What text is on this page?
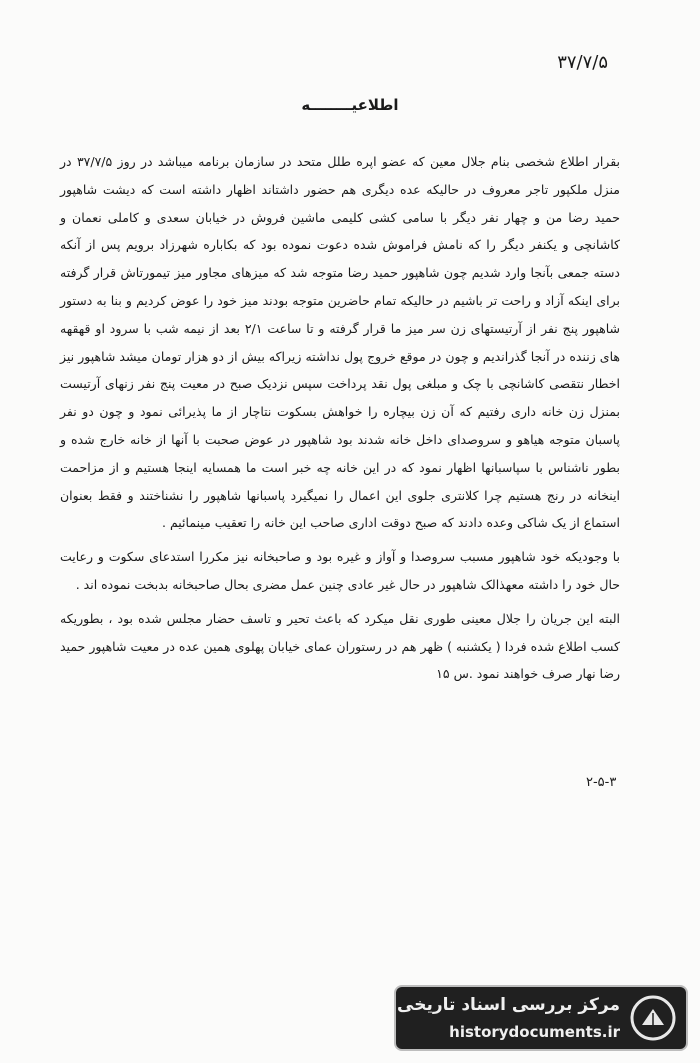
۳۷/۷/۵
اطلاعیــــــــه

بقرار اطلاع شخصی بنام جلال معین که عضو اپره طلل متحد در سازمان برنامه میباشد در روز ۳۷/۷/۵ در منزل ملکپور تاجر معروف در حالیکه عده دیگری هم حضور داشتاند اظهار داشته است که دیشت شاهپور حمید رضا من و چهار نفر دیگر با سامی کشی کلیمی ماشین فروش در خیابان سعدی و کاملی نعمان و کاشانچی و یکنفر دیگر را که نامش فراموش شده دعوت نموده بود که بکاباره شهرزاد برویم پس از آنکه دسته جمعی بآنجا وارد شدیم چون شاهپور حمید رضا متوجه شد که میزهای مجاور میز تیمورتاش قرار گرفته برای اینکه آزاد و راحت تر باشیم در حالیکه تمام حاضرین متوجه بودند میز خود را عوض کردیم و بنا به دستور شاهپور پنج نفر از آرتیستهای زن سر میز ما قرار گرفته و تا ساعت ۲/۱ بعد از نیمه شب با سرود او قهقهه های زننده در آنجا گذراندیم و چون در موقع خروج پول نداشته زیراکه بیش از دو هزار تومان میشد شاهپور نیز اخطار نتقصی کاشانچی با چک و مبلغی پول نقد پرداخت سپس نزدیک صبح در معیت پنج نفر زنهای آرتیست بمنزل زن خانه داری رفتیم که آن زن بیچاره را خواهش بسکوت نتاچار از ما پذیرائی نمود و چون دو نفر پاسبان متوجه هیاهو و سروصدای داخل خانه شدند بود شاهپور در عوض صحبت با آنها از خانه خارج شده و بطور ناشناس با سپاسبانها اظهار نمود که در این خانه چه خبر است ما همسایه اینجا هستیم و از مزاحمت اینخانه در رنج هستیم چرا کلانتری جلوی این اعمال را نمیگیرد پاسبانها شاهپور را نشناختند و فقط بعنوان استماع از یک شاکی وعده دادند که صبح دوقت اداری صاحب این خانه را تعقیب مینمائیم .

با وجودیکه خود شاهپور مسبب سروصدا و آواز و غیره بود و صاحبخانه نیز مکررا استدعای سکوت و رعایت حال خود را داشته معهذالک شاهپور در حال غیر عادی چنین عمل مضری بحال صاحبخانه بدبخت نموده اند .

البته این جریان را جلال معینی طوری نقل میکرد که باعث تحیر و تاسف حضار مجلس شده بود ، بطوریکه کسب اطلاع شده فردا ( یکشنبه ) ظهر هم در رستوران عمای خیابان پهلوی همین عده در معیت شاهپور حمید رضا نهار صرف خواهند نمود .س ۱۵

۲-۵-۳
مرکز بررسی اسناد تاریخی
historydocuments.ir
